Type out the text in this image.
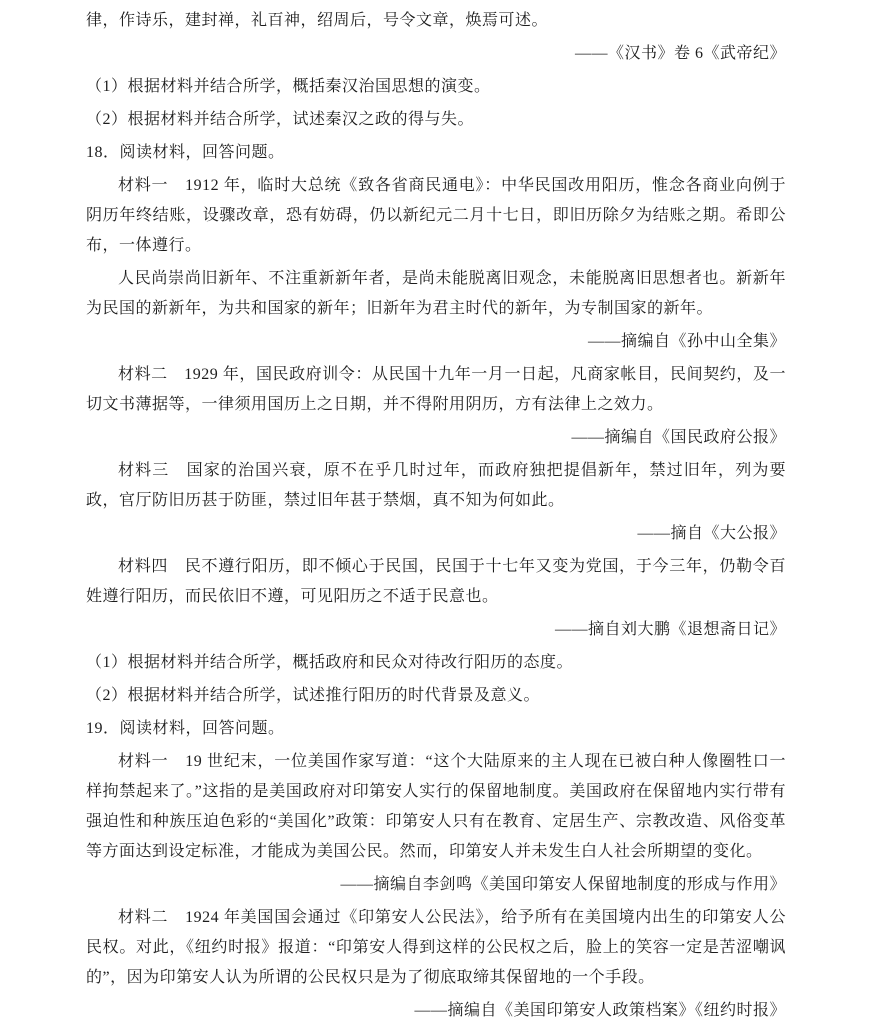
律，作诗乐，建封禅，礼百神，绍周后，号令文章，焕焉可述。

——《汉书》卷 6《武帝纪》

（1）根据材料并结合所学，概括秦汉治国思想的演变。

（2）根据材料并结合所学，试述秦汉之政的得与失。

18．阅读材料，回答问题。

材料一　1912 年，临时大总统《致各省商民通电》：中华民国改用阳历，惟念各商业向例于阴历年终结账，设骤改章，恐有妨碍，仍以新纪元二月十七日，即旧历除夕为结账之期。希即公布，一体遵行。

人民尚崇尚旧新年、不注重新新年者，是尚未能脱离旧观念，未能脱离旧思想者也。新新年为民国的新新年，为共和国家的新年；旧新年为君主时代的新年，为专制国家的新年。

——摘编自《孙中山全集》

材料二　1929 年，国民政府训令：从民国十九年一月一日起，凡商家帐目，民间契约，及一切文书薄据等，一律须用国历上之日期，并不得附用阴历，方有法律上之效力。

——摘编自《国民政府公报》

材料三　国家的治国兴衰，原不在乎几时过年，而政府独把提倡新年，禁过旧年，列为要政，官厅防旧历甚于防匪，禁过旧年甚于禁烟，真不知为何如此。

——摘自《大公报》

材料四　民不遵行阳历，即不倾心于民国，民国于十七年又变为党国，于今三年，仍勒令百姓遵行阳历，而民依旧不遵，可见阳历之不适于民意也。

——摘自刘大鹏《退想斋日记》

（1）根据材料并结合所学，概括政府和民众对待改行阳历的态度。

（2）根据材料并结合所学，试述推行阳历的时代背景及意义。

19．阅读材料，回答问题。

材料一　19 世纪末，一位美国作家写道：“这个大陆原来的主人现在已被白种人像圈牲口一样拘禁起来了。”这指的是美国政府对印第安人实行的保留地制度。美国政府在保留地内实行带有强迫性和种族压迫色彩的“美国化”政策：印第安人只有在教育、定居生产、宗教改造、风俗变革等方面达到设定标准，才能成为美国公民。然而，印第安人并未发生白人社会所期望的变化。

——摘编自李剑鸣《美国印第安人保留地制度的形成与作用》

材料二　1924 年美国国会通过《印第安人公民法》，给予所有在美国境内出生的印第安人公民权。对此，《纽约时报》报道：“印第安人得到这样的公民权之后，脸上的笑容一定是苦涩嘲讽的”，因为印第安人认为所谓的公民权只是为了彻底取缔其保留地的一个手段。

——摘编自《美国印第安人政策档案》《纽约时报》
